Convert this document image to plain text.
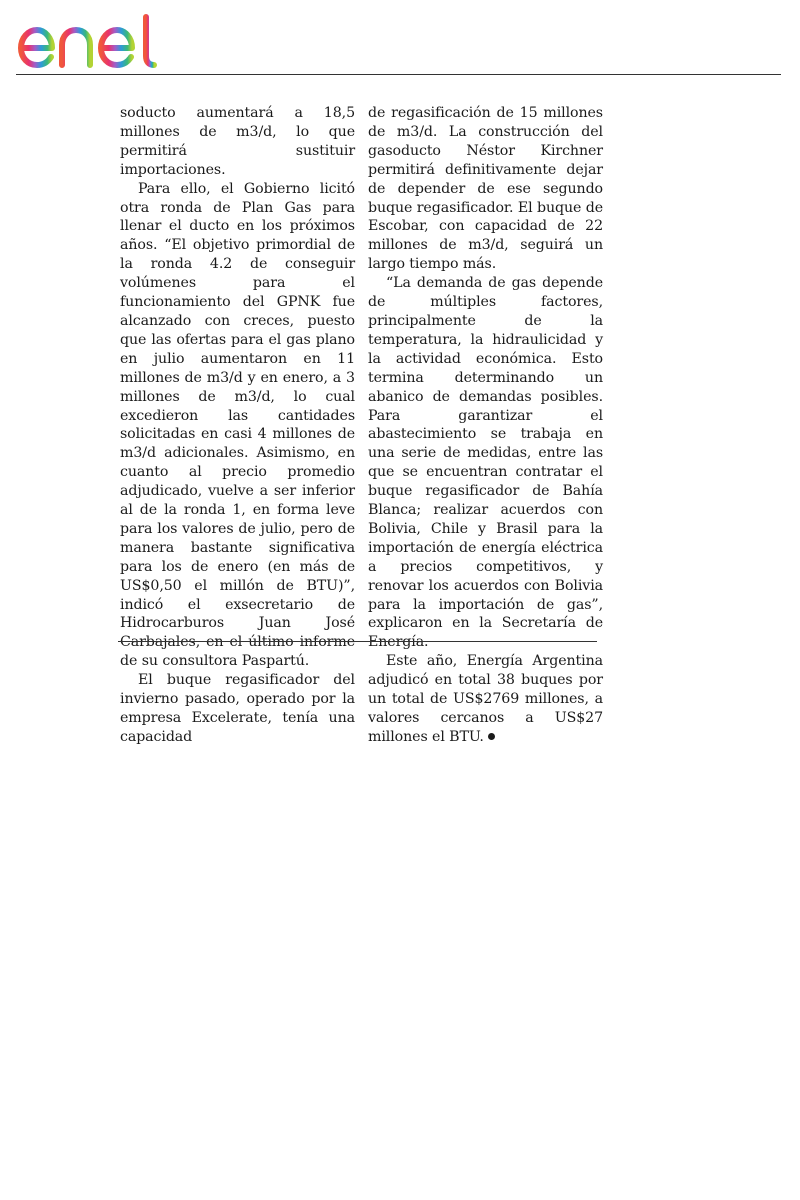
soducto aumentará a 18,5 millones de m3/d, lo que permitirá sustituir importaciones.

Para ello, el Gobierno licitó otra ronda de Plan Gas para llenar el ducto en los próximos años. “El objetivo primordial de la ronda 4.2 de conseguir volúmenes para el funcionamiento del GPNK fue alcanzado con creces, puesto que las ofertas para el gas plano en julio aumentaron en 11 millones de m3/d y en enero, a 3 millones de m3/d, lo cual excedieron las cantidades solicitadas en casi 4 millones de m3/d adicionales. Asimismo, en cuanto al precio promedio adjudicado, vuelve a ser inferior al de la ronda 1, en forma leve para los valores de julio, pero de manera bastante significativa para los de enero (en más de US$0,50 el millón de BTU)”, indicó el exsecretario de Hidrocarburos Juan José Carbajales, en el último informe de su consultora Paspartú.

El buque regasificador del invierno pasado, operado por la empresa Excelerate, tenía una capacidad

de regasificación de 15 millones de m3/d. La construcción del gasoducto Néstor Kirchner permitirá definitivamente dejar de depender de ese segundo buque regasificador. El buque de Escobar, con capacidad de 22 millones de m3/d, seguirá un largo tiempo más.

“La demanda de gas depende de múltiples factores, principalmente de la temperatura, la hidraulicidad y la actividad económica. Esto termina determinando un abanico de demandas posibles. Para garantizar el abastecimiento se trabaja en una serie de medidas, entre las que se encuentran contratar el buque regasificador de Bahía Blanca; realizar acuerdos con Bolivia, Chile y Brasil para la importación de energía eléctrica a precios competitivos, y renovar los acuerdos con Bolivia para la importación de gas”, explicaron en la Secretaría de Energía.

Este año, Energía Argentina adjudicó en total 38 buques por un total de US$2769 millones, a valores cercanos a US$27 millones el BTU.
